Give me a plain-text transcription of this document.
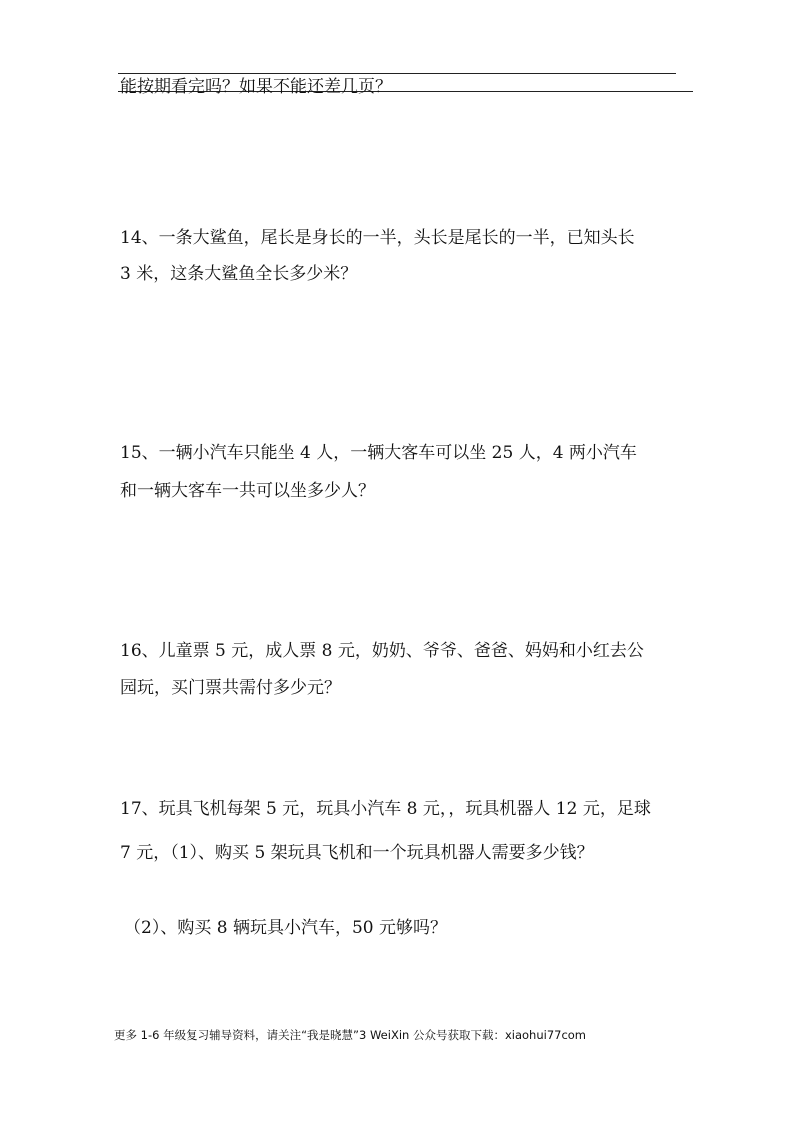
能按期看完吗？如果不能还差几页？
14、一条大鲨鱼，尾长是身长的一半，头长是尾长的一半，已知头长
3 米，这条大鲨鱼全长多少米？
15、一辆小汽车只能坐 4 人，一辆大客车可以坐 25 人，4 两小汽车
和一辆大客车一共可以坐多少人？
16、儿童票 5 元，成人票 8 元，奶奶、爷爷、爸爸、妈妈和小红去公
园玩，买门票共需付多少元？
17、玩具飞机每架 5 元，玩具小汽车 8 元，，玩具机器人 12 元，足球
7 元，（1）、购买 5 架玩具飞机和一个玩具机器人需要多少钱？
（2）、购买 8 辆玩具小汽车，50 元够吗？
更多 1-6 年级复习辅导资料，请关注“我是晓慧”3 WeiXin 公众号获取下载：xiaohui77com
